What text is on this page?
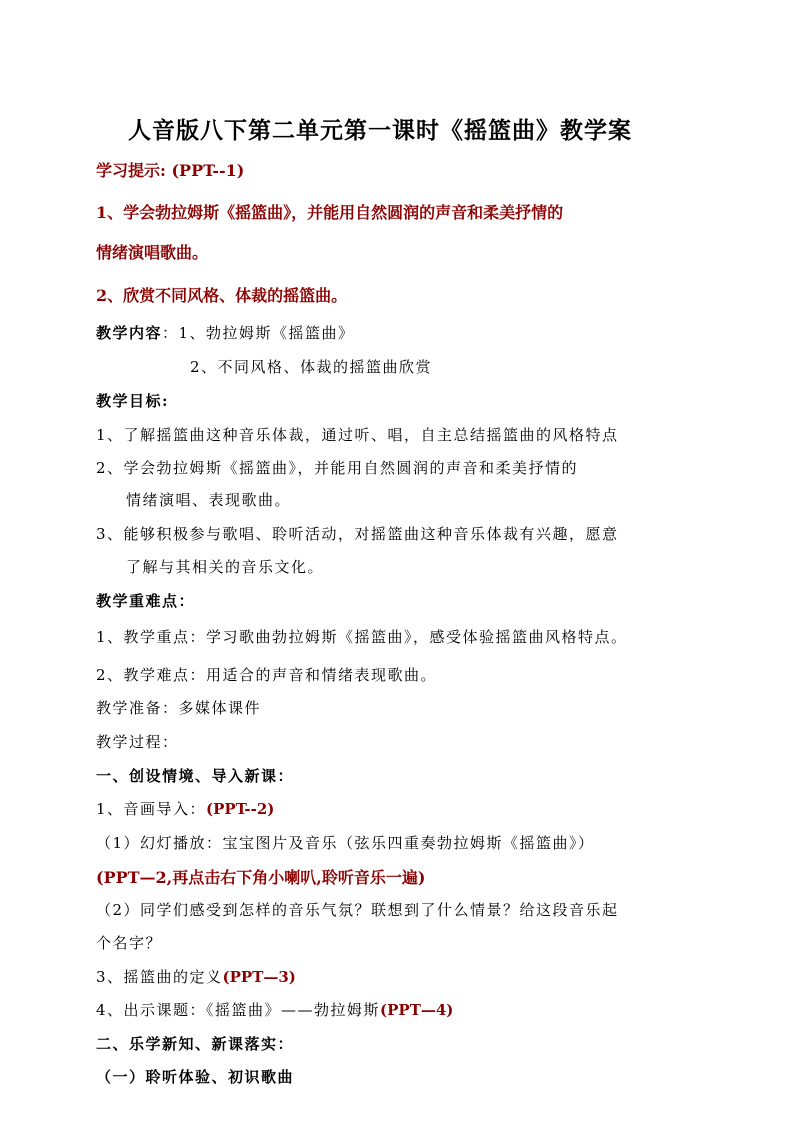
人音版八下第二单元第一课时《摇篮曲》教学案
学习提示: (PPT--1)
1、学会勃拉姆斯《摇篮曲》，并能用自然圆润的声音和柔美抒情的
情绪演唱歌曲。
2、欣赏不同风格、体裁的摇篮曲。
教学内容：1、勃拉姆斯《摇篮曲》
2、不同风格、体裁的摇篮曲欣赏
教学目标:
1、了解摇篮曲这种音乐体裁，通过听、唱，自主总结摇篮曲的风格特点
2、学会勃拉姆斯《摇篮曲》，并能用自然圆润的声音和柔美抒情的
情绪演唱、表现歌曲。
3、能够积极参与歌唱、聆听活动，对摇篮曲这种音乐体裁有兴趣，愿意
了解与其相关的音乐文化。
教学重难点：
1、教学重点：学习歌曲勃拉姆斯《摇篮曲》，感受体验摇篮曲风格特点。
2、教学难点：用适合的声音和情绪表现歌曲。
教学准备：多媒体课件
教学过程：
一、创设情境、导入新课：
1、音画导入：(PPT--2)
（1）幻灯播放：宝宝图片及音乐（弦乐四重奏勃拉姆斯《摇篮曲》）
(PPT—2,再点击右下角小喇叭,聆听音乐一遍)
（2）同学们感受到怎样的音乐气氛？联想到了什么情景？给这段音乐起
个名字？
3、摇篮曲的定义(PPT—3)
4、出示课题：《摇篮曲》——勃拉姆斯(PPT—4)
二、乐学新知、新课落实：
（一）聆听体验、初识歌曲
